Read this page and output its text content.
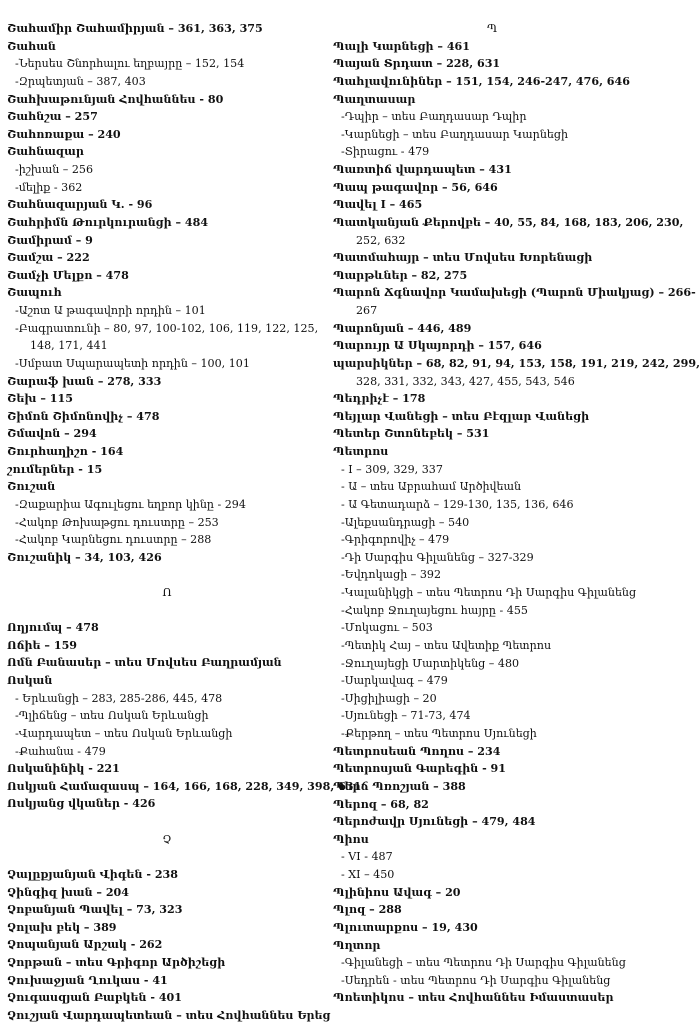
Շահամիր Շահամիրյան – 361, 363, 375
Շահան
-Ներսես Շնորհալու եղբայրը – 152, 154
-Զրպետյան – 387, 403
Շահխաթունյան Հովհաննես - 80
Շահնշա – 257
Շահոռաքա – 240
Շահնազար
-իշխան – 256
-մելիք - 362
Շահնազարյան Կ. - 96
Շահրիմն Թուրկուրանցի – 484
Շամիրամ – 9
Շամշա – 222
Շամչի Մելքո – 478
Շապուհ
-Աշոտ Ա թագավորի որդին – 101
-Բագրատունի – 80, 97, 100-102, 106, 119, 122, 125,
148, 171, 441
-Սմբատ Սպարապետի որդին – 100, 101
Շարաֆ խան – 278, 333
Շեխ – 115
Շիմոն Շիմոնովիչ – 478
Շմավոն – 294
Շուրհաղիշո - 164
շումերներ - 15
Շուշան
-Զաքարիա Ագուլեցու եղբոր կինը - 294
-Հակոբ Թոխաթցու դուստրը – 253
-Հակոբ Կարնեցու դուստրը – 288
Շուշանիկ – 34, 103, 426
Ո
Ողյումպ – 478
Ոճիե – 159
Ոմն Բանասեր – տես Մովսես Բաղրամյան
Ոսկան
- Երևանցի – 283, 285-286, 445, 478
-Պլիճենց – տես Ոսկան Երևանցի
-Վարդապետ – տես Ոսկան Երևանցի
-Քահանա - 479
Ոսկանինիկ - 221
Ոսկյան Համազասպ – 164, 166, 168, 228, 349, 398, 631
Ոսկյանց վկաներ - 426
Չ
Չալըքյանյան Վիգեն - 238
Չինգիզ խան – 204
Չոբանյան Պավել – 73, 323
Չոլախ բեկ – 389
Չոպանյան Արշակ - 262
Չորթան – տես Գրիգոր Արծիշեցի
Չուխաջյան Ղուկաս - 41
Չուգասզյան Բաբկեն - 401
Չուշյան Վարդապետեան – տես Հովհաննես Երեց
Պ
Պալի Կարնեցի – 461
Պայան Տրդատ – 228, 631
Պահլավունիներ – 151, 154, 246-247, 476, 646
Պաղտասար
-Դպիր – տես Բաղդասար Դպիր
-Կարնեցի – տես Բաղդասար Կարնեցի
-Տիրացու - 479
Պառտիճ վարդապետ – 431
Պապ թագավոր – 56, 646
Պավել I – 465
Պատկանյան Քերովբե – 40, 55, 84, 168, 183, 206, 230,
252, 632
Պատմահայր – տես Մովսես Խորենացի
Պարթևներ – 82, 275
Պարոն Ճգնավոր Կամախեցի (Պարոն Միակյաց) – 266-
267
Պարոնյան – 446, 489
Պարույր Ա Սկայորդի – 157, 646
պարսիկներ – 68, 82, 91, 94, 153, 158, 191, 219, 242, 299,
328, 331, 332, 343, 427, 455, 543, 546
Պեդրիչէ – 178
Պեյլար Վանեցի – տես Բէզլար Վանեցի
Պետեր Շտոնեբեկ – 531
Պետրոս
- I – 309, 329, 337
- Ա – տես Աբրահամ Արծիվեան
- Ա Գետադարձ – 129-130, 135, 136, 646
-Ալեքսանդրացի – 540
-Գրիգորովիչ – 479
-Դի Սարգիս Գիլանենց – 327-329
-Եվդոկացի – 392
-Կալանիկցի – տես Պետրոս Դի Սարգիս Գիլանենց
-Հակոբ Ջուղայեցու հայրը - 455
-Մոկացու – 503
-Պետիկ Հայ – տես Ավետիք Պետրոս
-Ջուղայեցի Մարտիկենց – 480
-Սարկավագ – 479
-Սիցիլիացի – 20
-Սյունեցի – 71-73, 474
-Քերթող – տես Պետրոս Սյունեցի
Պետրոսեան Պողոս – 234
Պետրոսյան Գարեգին - 91
Պերճ Պռոշյան – 388
Պերոզ – 68, 82
Պերոժավր Սյունեցի – 479, 484
Պիոս
- VI - 487
- XI – 450
Պլինիոս Ավագ – 20
Պլոզ – 288
Պլուտարքոս – 19, 430
Պղտոր
-Գիլանեցի – տես Պետրոս Դի Սարգիս Գիլանենց
-Սեդրեն - տես Պետրոս Դի Սարգիս Գիլանենց
Պոետիկոս – տես Հովհաննես Իմաստասեր
